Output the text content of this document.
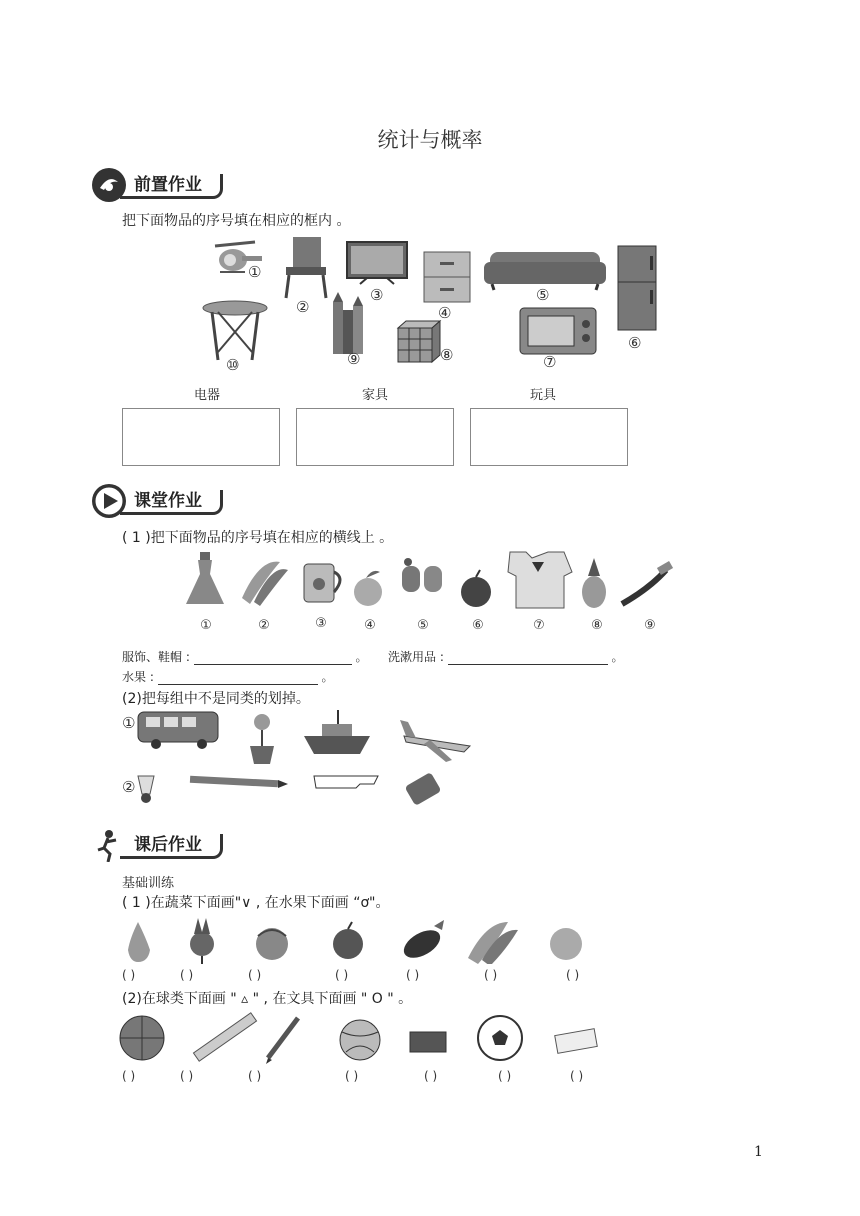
统计与概率
前置作业
把下面物品的序号填在相应的框内 。
①
②
③
④
⑤
⑥
⑦
⑧
⑨
⑩
电器	家具	玩具
课堂作业
( 1 )把下面物品的序号填在相应的横线上 。
①	②	③	④	⑤	⑥	⑦	⑧	⑨
服饰、鞋帽 :	。 洗漱用品 :	。
水果 :	。
(2)把每组中不是同类的划掉。
①
②
课后作业
基础训练
( 1 )在蔬菜下面画"∨ , 在水果下面画 “ơ"。
( )	( )	( )	( )	( )	( )	( )
(2)在球类下面画 " ▵ " , 在文具下面画 " O " 。
( )	( )	( )	( )	( )	( )	( )
1
